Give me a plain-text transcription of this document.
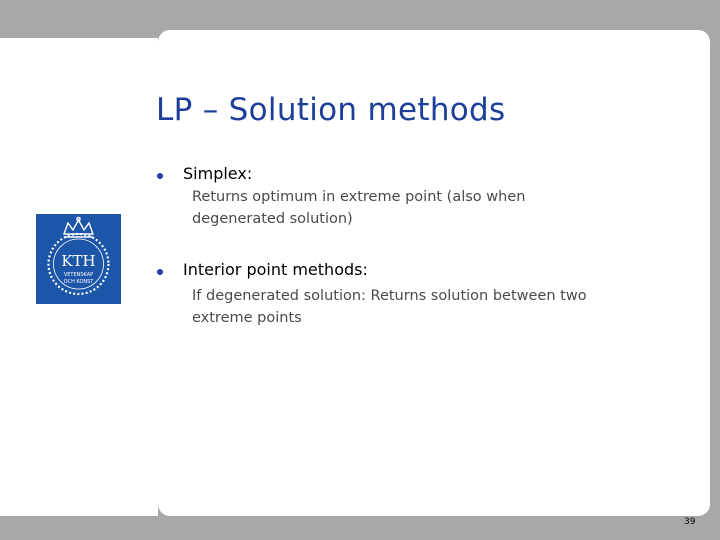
KTH
VETENSKAP
OCH KONST
LP – Solution methods
Simplex:

Returns optimum in extreme point (also when

degenerated solution)

Interior point methods:

If degenerated solution: Returns solution between two

extreme points

39
